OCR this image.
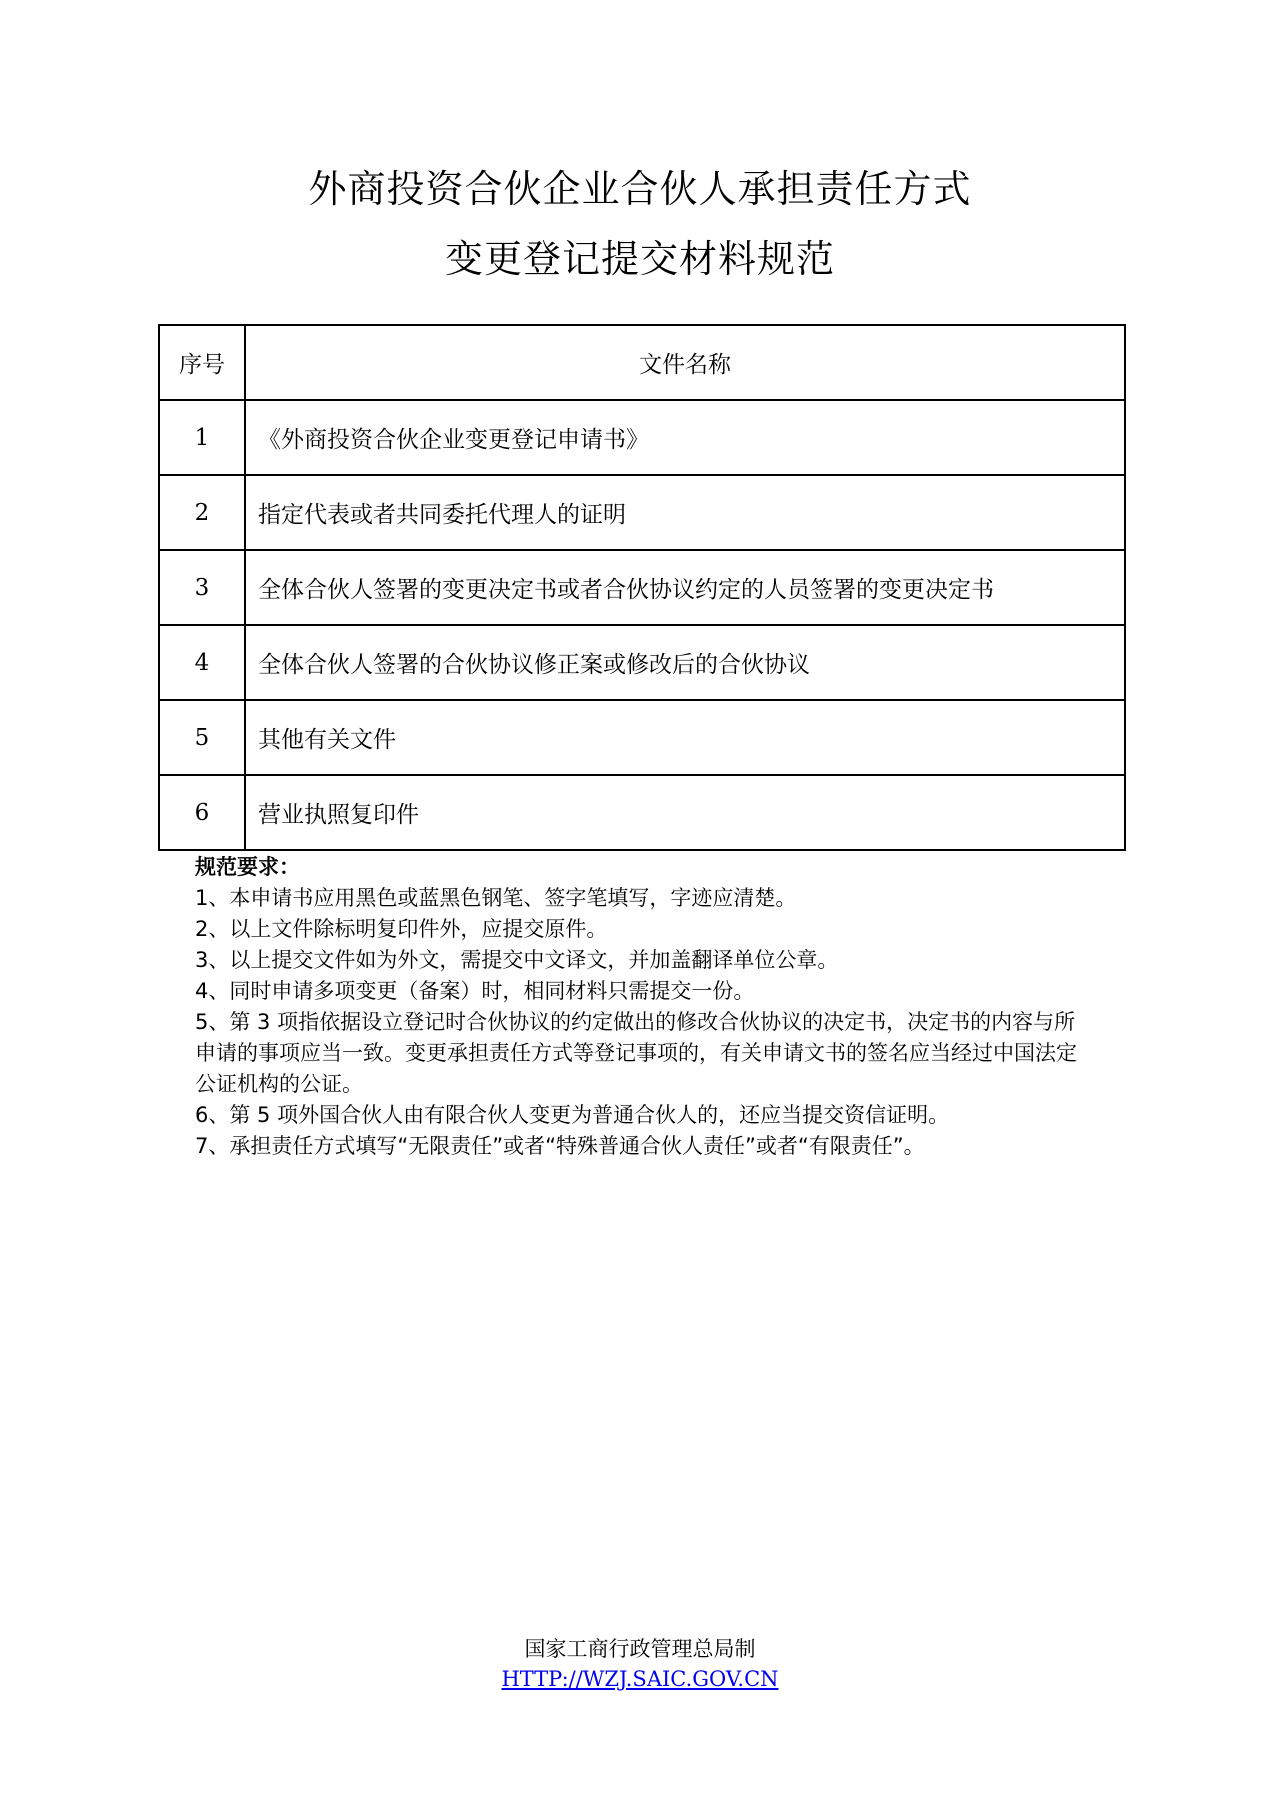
外商投资合伙企业合伙人承担责任方式
变更登记提交材料规范
序号	文件名称
1	《外商投资合伙企业变更登记申请书》
2	指定代表或者共同委托代理人的证明
3	全体合伙人签署的变更决定书或者合伙协议约定的人员签署的变更决定书
4	全体合伙人签署的合伙协议修正案或修改后的合伙协议
5	其他有关文件
6	营业执照复印件

规范要求：

1、本申请书应用黑色或蓝黑色钢笔、签字笔填写，字迹应清楚。

2、以上文件除标明复印件外，应提交原件。

3、以上提交文件如为外文，需提交中文译文，并加盖翻译单位公章。

4、同时申请多项变更（备案）时，相同材料只需提交一份。

5、第 3 项指依据设立登记时合伙协议的约定做出的修改合伙协议的决定书，决定书的内容与所申请的事项应当一致。变更承担责任方式等登记事项的，有关申请文书的签名应当经过中国法定公证机构的公证。

6、第 5 项外国合伙人由有限合伙人变更为普通合伙人的，还应当提交资信证明。

7、承担责任方式填写“无限责任”或者“特殊普通合伙人责任”或者“有限责任”。

国家工商行政管理总局制
HTTP://WZJ.SAIC.GOV.CN
